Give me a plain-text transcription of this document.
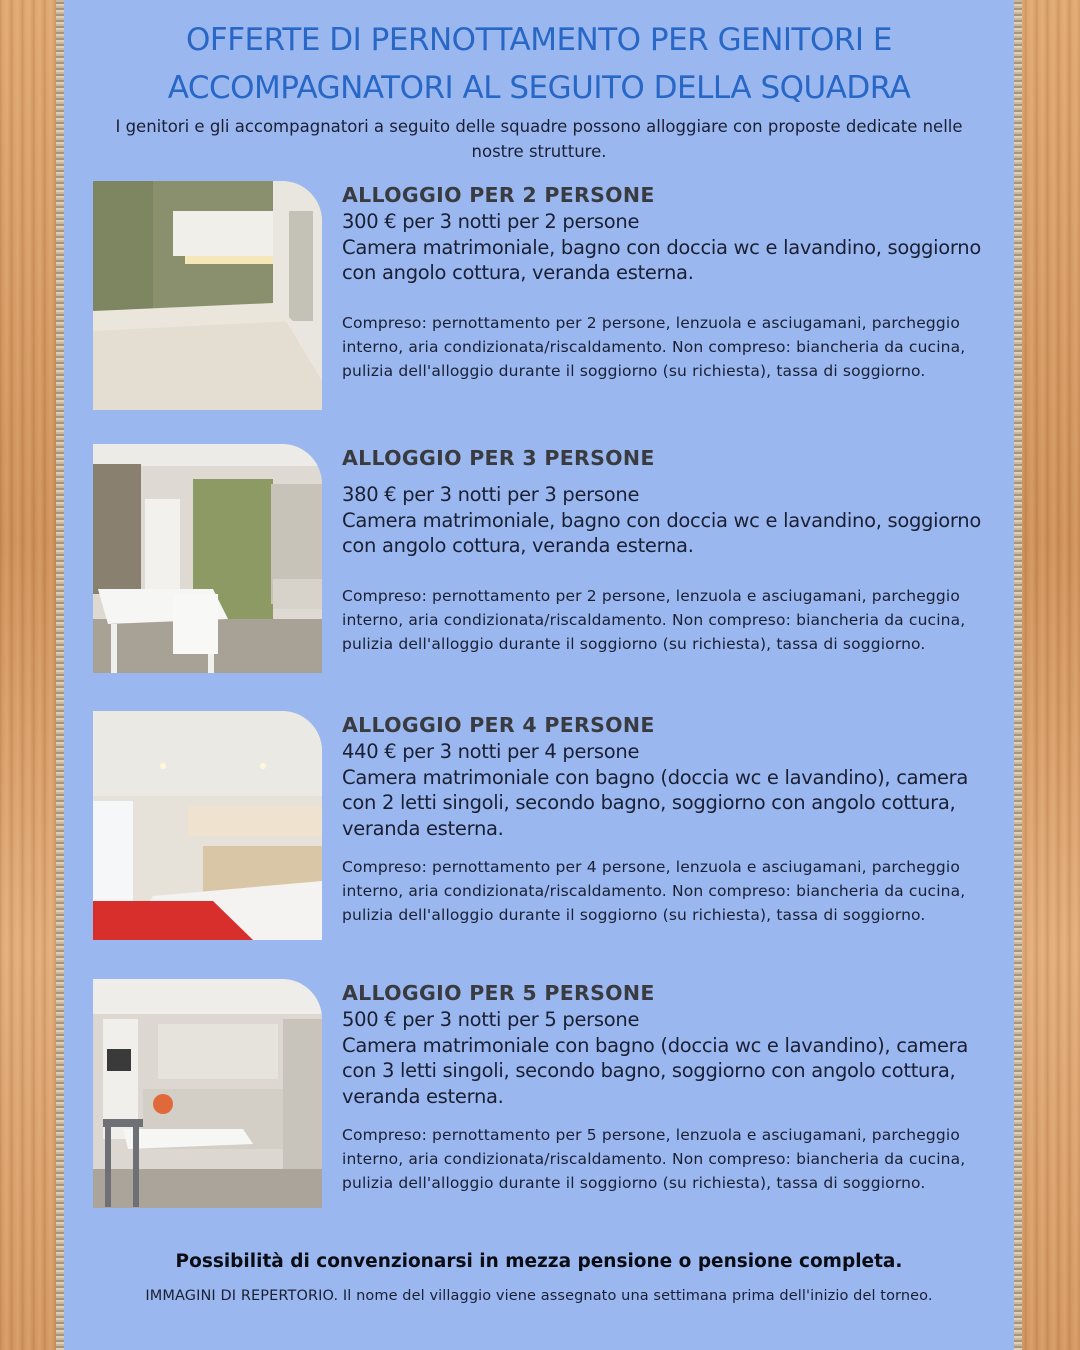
OFFERTE DI PERNOTTAMENTO PER GENITORI E
ACCOMPAGNATORI AL SEGUITO DELLA SQUADRA

I genitori e gli accompagnatori a seguito delle squadre possono alloggiare con proposte dedicate nelle nostre strutture.

ALLOGGIO PER 2 PERSONE

300 € per 3 notti per 2 persone

Camera matrimoniale, bagno con doccia wc e lavandino, soggiorno con angolo cottura, veranda esterna.

Compreso: pernottamento per 2 persone, lenzuola e asciugamani, parcheggio interno, aria condizionata/riscaldamento. Non compreso: biancheria da cucina, pulizia dell'alloggio durante il soggiorno (su richiesta), tassa di soggiorno.

ALLOGGIO PER 3 PERSONE

380 € per 3 notti per 3 persone

Camera matrimoniale, bagno con doccia wc e lavandino, soggiorno con angolo cottura, veranda esterna.

Compreso: pernottamento per 2 persone, lenzuola e asciugamani, parcheggio interno, aria condizionata/riscaldamento. Non compreso: biancheria da cucina, pulizia dell'alloggio durante il soggiorno (su richiesta), tassa di soggiorno.

ALLOGGIO PER 4 PERSONE

440 € per 3 notti per 4 persone

Camera matrimoniale con bagno (doccia wc e lavandino), camera con 2 letti singoli, secondo bagno, soggiorno con angolo cottura, veranda esterna.

Compreso: pernottamento per 4 persone, lenzuola e asciugamani, parcheggio interno, aria condizionata/riscaldamento. Non compreso: biancheria da cucina, pulizia dell'alloggio durante il soggiorno (su richiesta), tassa di soggiorno.

ALLOGGIO PER 5 PERSONE

500 € per 3 notti per 5 persone

Camera matrimoniale con bagno (doccia wc e lavandino), camera con 3 letti singoli, secondo bagno, soggiorno con angolo cottura, veranda esterna.

Compreso: pernottamento per 5 persone, lenzuola e asciugamani, parcheggio interno, aria condizionata/riscaldamento. Non compreso: biancheria da cucina, pulizia dell'alloggio durante il soggiorno (su richiesta), tassa di soggiorno.

Possibilità di convenzionarsi in mezza pensione o pensione completa.

IMMAGINI DI REPERTORIO. Il nome del villaggio viene assegnato una settimana prima dell'inizio del torneo.
